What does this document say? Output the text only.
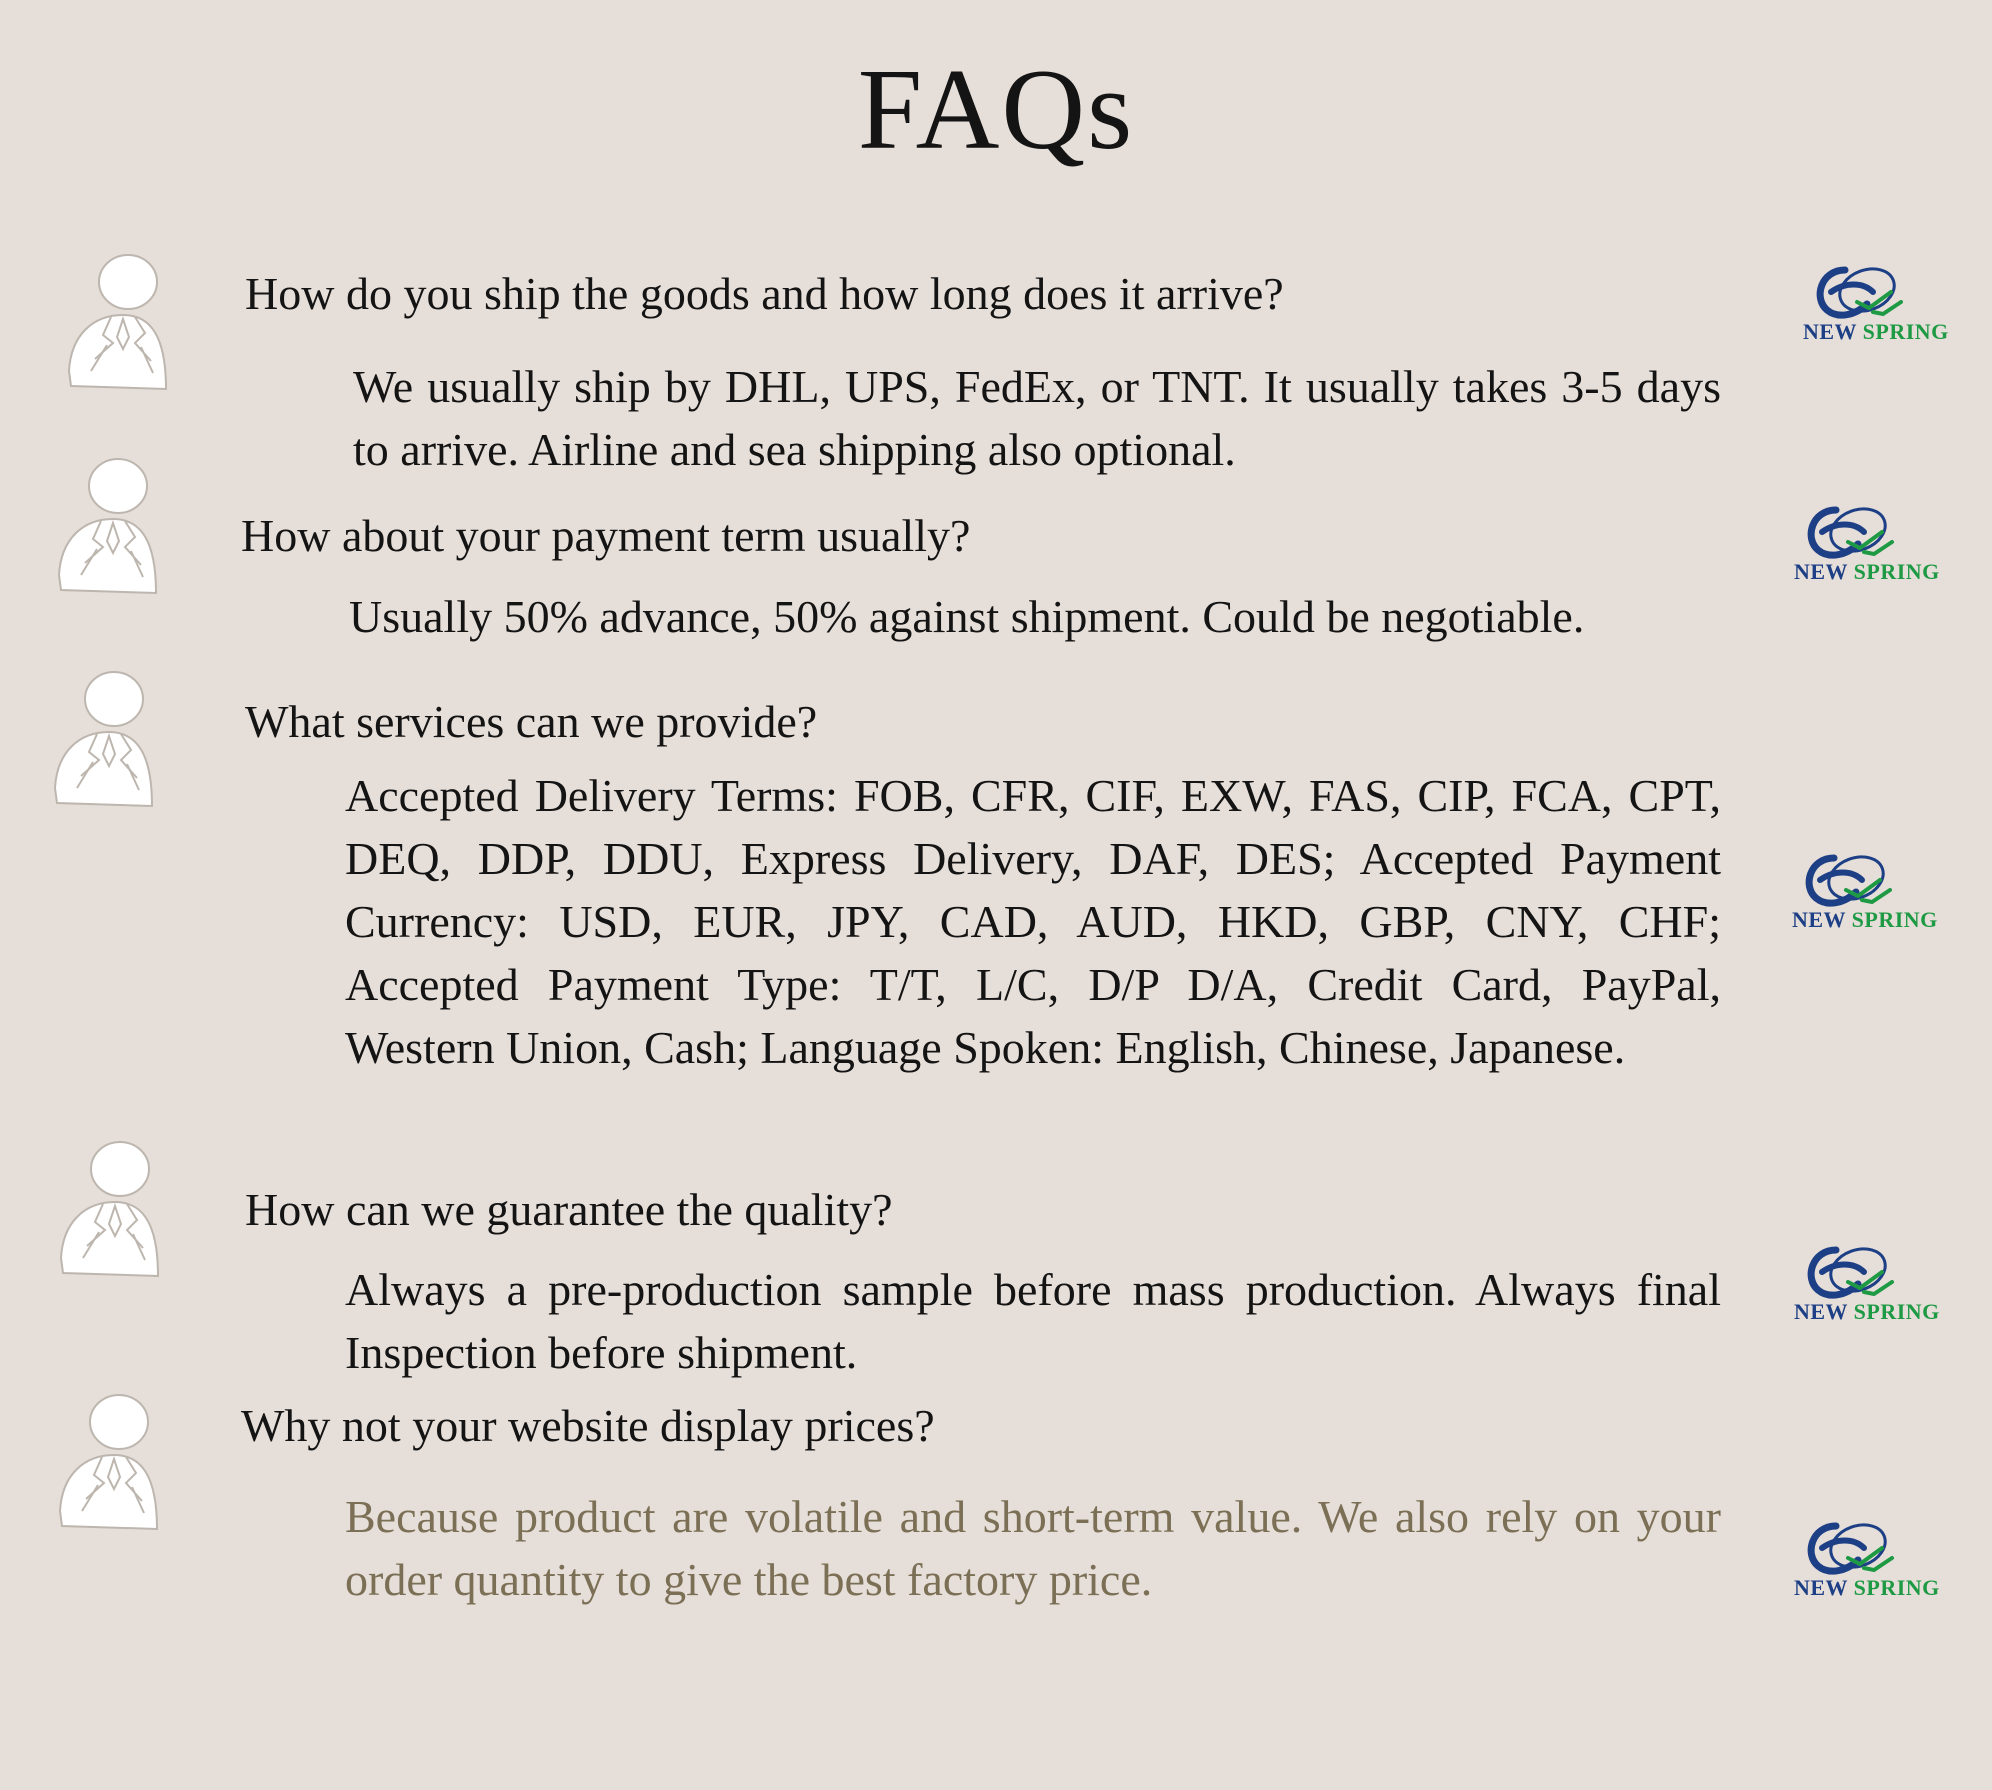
FAQs
How do you ship the goods and how long does it arrive?

We usually ship by DHL, UPS, FedEx, or TNT. It usually takes 3-5 days to arrive. Airline and sea shipping also optional.

NEW SPRING
How about your payment term usually?

Usually 50% advance, 50% against shipment. Could be negotiable.

NEW SPRING
What services can we provide?

Accepted Delivery Terms: FOB, CFR, CIF, EXW, FAS, CIP, FCA, CPT, DEQ, DDP, DDU, Express Delivery, DAF, DES; Accepted Payment Currency: USD, EUR, JPY, CAD, AUD, HKD, GBP, CNY, CHF; Accepted Payment Type: T/T, L/C, D/P D/A, Credit Card, PayPal, Western Union, Cash; Language Spoken: English, Chinese, Japanese.

NEW SPRING
How can we guarantee the quality?

Always a pre-production sample before mass production. Always final Inspection before shipment.

NEW SPRING
Why not your website display prices?

Because product are volatile and short-term value. We also rely on your order quantity to give the best factory price.	NEW SPRING
